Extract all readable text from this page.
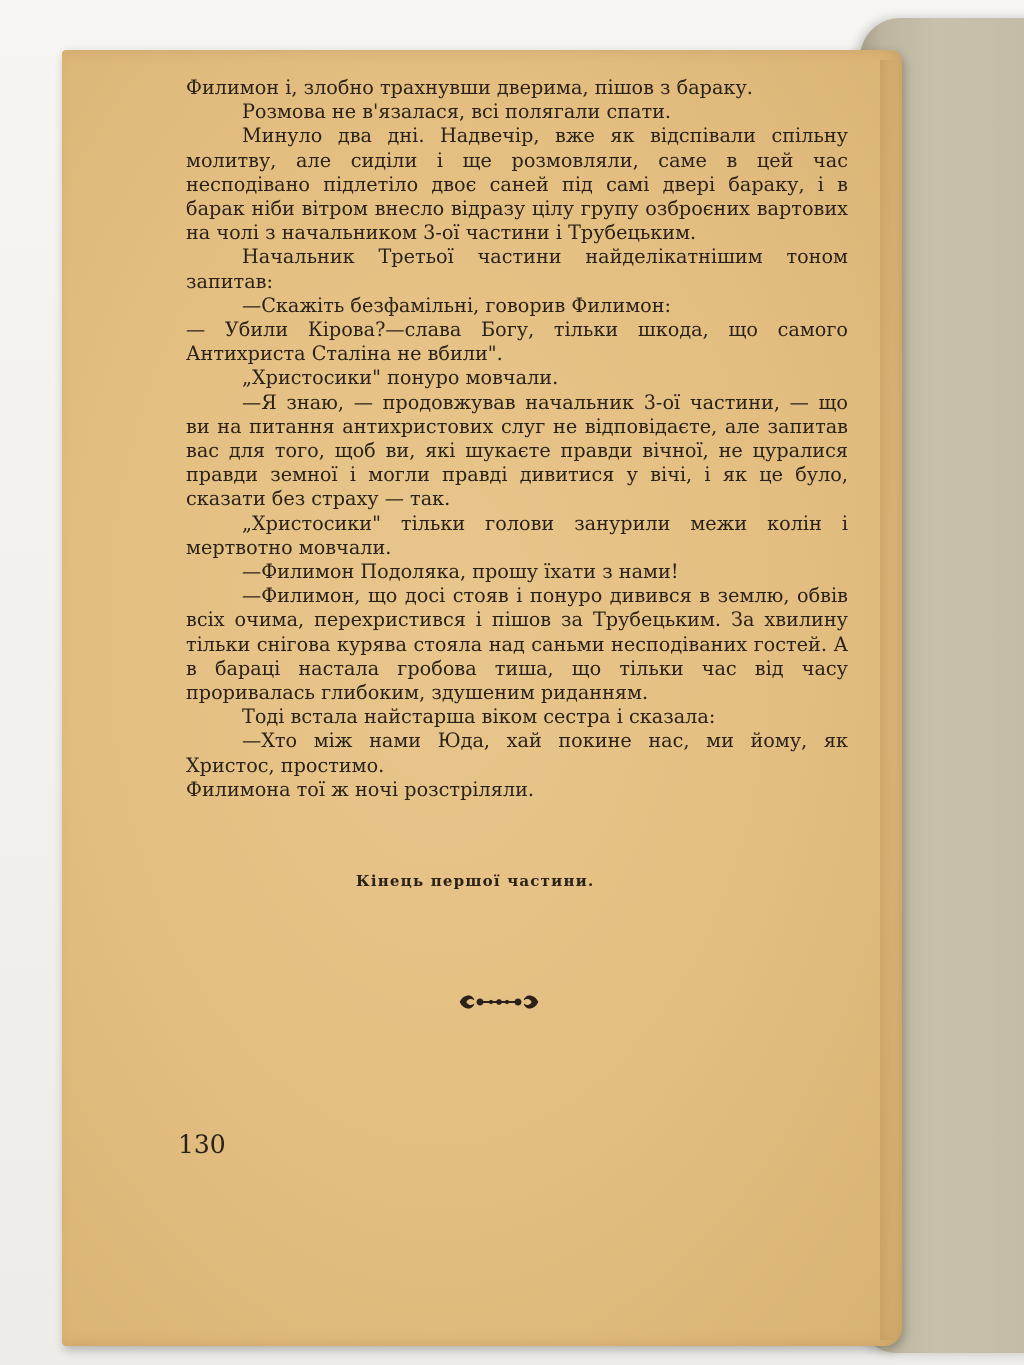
Филимон і, злобно трахнувши дверима, пішов з бараку.

Розмова не в'язалася, всі полягали спати.

Минуло два дні. Надвечір, вже як відспівали спільну молитву, але сиділи і ще розмовляли, саме в цей час несподівано підлетіло двоє саней під самі двері бараку, і в барак ніби вітром внесло відразу цілу групу озброєних вартових на чолі з начальником 3-ої частини і Трубецьким.

Начальник Третьої частини найделікатнішим тоном запитав:

—Скажіть безфамільні, говорив Филимон:

— Убили Кірова?—слава Богу, тільки шкода, що самого Антихриста Сталіна не вбили".

„Христосики" понуро мовчали.

—Я знаю, — продовжував начальник 3-ої частини, — що ви на питання антихристових слуг не відповідаєте, але запитав вас для того, щоб ви, які шукаєте правди вічної, не цуралися правди земної і могли правді дивитися у вічі, і як це було, сказати без страху — так.

„Христосики" тільки голови занурили межи колін і мертвотно мовчали.

—Филимон Подоляка, прошу їхати з нами!

—Филимон, що досі стояв і понуро дивився в землю, обвів всіх очима, перехристився і пішов за Трубецьким. За хвилину тільки снігова курява стояла над саньми несподіваних гостей. А в бараці настала гробова тиша, що тільки час від часу проривалась глибоким, здушеним риданням.

Тоді встала найстарша віком сестра і сказала:

—Хто між нами Юда, хай покине нас, ми йому, як Христос, простимо.

Филимона тої ж ночі розстріляли.

Кінець першої частини.
130
